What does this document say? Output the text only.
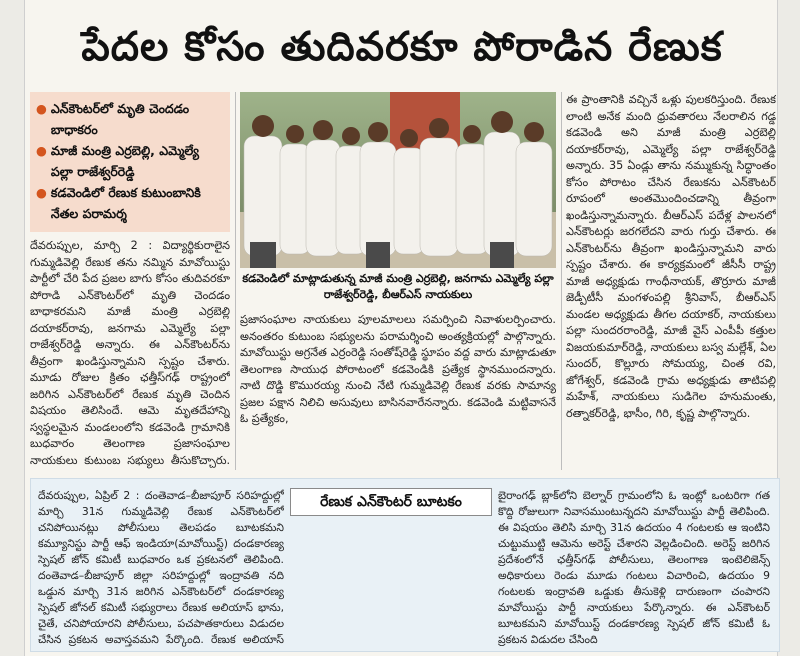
పేదల కోసం తుదివరకూ పోరాడిన రేణుక
● ఎన్‌కౌంటర్‌లో మృతి చెందడం బాధాకరం
● మాజీ మంత్రి ఎర్రబెల్లి, ఎమ్మెల్యే పల్లా రాజేశ్వర్‌రెడ్డి
● కడవెండిలో రేణుక కుటుంబానికి నేతల పరామర్శ
కడవెండిలో మాట్లాడుతున్న మాజీ మంత్రి ఎర్రబెల్లి, జనగామ ఎమ్మెల్యే పల్లా రాజేశ్వర్‌రెడ్డి, బీఆర్‌ఎస్ నాయకులు
దేవరుప్పుల, మార్చి 2 : విద్యార్థికురాలైన గుమ్మడివెల్లి రేణుక తను నమ్మిన మావోయిస్టు పార్టీలో చేరి పేద ప్రజల బాగు కోసం తుదివరకూ పోరాడి ఎన్‌కౌంటర్‌లో మృతి చెందడం బాధాకరమని మాజీ మంత్రి ఎర్రబెల్లి దయాకర్‌రావు, జనగామ ఎమ్మెల్యే పల్లా రాజేశ్వర్‌రెడ్డి అన్నారు. ఈ ఎన్‌కౌంటర్‌ను తీవ్రంగా ఖండిస్తున్నామని స్పష్టం చేశారు. మూడు రోజుల క్రితం ఛత్తీస్‌గఢ్ రాష్ట్రంలో జరిగిన ఎన్‌కౌంటర్‌లో రేణుక మృతి చెందిన విషయం తెలిసిందే. ఆమె మృతదేహాన్ని స్వస్థలమైన మండలంలోని కడవెండి గ్రామానికి బుధవారం తెలంగాణ ప్రజాసంఘాల నాయకులు కుటుంబ సభ్యులు తీసుకొచ్చారు.
ప్రజాసంఘాల నాయకులు పూలమాలలు సమర్పించి నివాళులర్పించారు. అనంతరం కుటుంబ సభ్యులను పరామర్శించి అంత్యక్రియల్లో పాల్గొన్నారు. మావోయిస్టు అగ్రనేత ఎర్రంరెడ్డి సంతోష్‌రెడ్డి స్థూపం వద్ద వారు మాట్లాడుతూ తెలంగాణ సాయుధ పోరాటంలో కడవెండికి ప్రత్యేక స్థానముందన్నారు. నాటి దొడ్డి కొమురయ్య నుంచి నేటి గుమ్మడివెల్లి రేణుక వరకు సామాన్య ప్రజల పక్షాన నిలిచి అసువులు బాసినవారేనన్నారు. కడవెండి మట్టివాసనే ఓ ప్రత్యేకం,
ఈ ప్రాంతానికి వచ్చినే ఒళ్లు పులకరిస్తుంది. రేణుక లాంటి అనేక మంది ధ్రువతారలు నేలరాలిన గడ్డ కడవెండి అని మాజీ మంత్రి ఎర్రబెల్లి దయాకర్‌రావు, ఎమ్మెల్యే పల్లా రాజేశ్వర్‌రెడ్డి అన్నారు. 35 ఏండ్లు తాను నమ్ముకున్న సిద్ధాంతం కోసం పోరాటం చేసిన రేణుకను ఎన్‌కౌంటర్ రూపంలో అంతమొందించడాన్ని తీవ్రంగా ఖండిస్తున్నామన్నారు. బీఆర్‌ఎస్ పదేళ్ల పాలనలో ఎన్‌కౌంటర్లు జరగలేదని వారు గుర్తు చేశారు. ఈ ఎన్‌కౌంటర్‌ను తీవ్రంగా ఖండిస్తున్నామని వారు స్పష్టం చేశారు. ఈ కార్యక్రమంలో జీసీసీ రాష్ట్ర మాజీ అధ్యక్షుడు గాంధీనాయక్, తొర్రూరు మాజీ జెడ్పీటీసీ మంగళంపల్లి శ్రీనివాస్, బీఆర్‌ఎస్ మండల అధ్యక్షుడు తీగల దయాకర్, నాయకులు పల్లా సుందరరాంరెడ్డి, మాజీ వైస్ ఎంపీపీ కత్తుల విజయకుమార్‌రెడ్డి, నాయకులు బస్వ మల్లేశ్, ఏల సుందర్, కొల్లూరు సోమయ్య, చింత రవి, జోగేశ్వర్, కడవెండి గ్రామ అధ్యక్షుడు తాటిపల్లి మహేశ్, నాయకులు సుడిగెల హనుమంతు, రత్నాకర్‌రెడ్డి, భాసీం, గిరి, కృష్ణ పాల్గొన్నారు.
రేణుక ఎన్‌కౌంటర్ బూటకం
దేవరుప్పుల, ఏప్రిల్ 2 : దంతెవాడ–బీజాపూర్ సరిహద్దుల్లో మార్చి 31న గుమ్మడివెల్లి రేణుక ఎన్‌కౌంటర్‌లో చనిపోయినట్లు పోలీసులు తెలపడం బూటకమని కమ్యూనిస్టు పార్టీ ఆఫ్ ఇండియా(మావోయిస్ట్) దండకారణ్య స్పెషల్ జోన్ కమిటీ బుధవారం ఒక ప్రకటనలో తెలిపింది. దంతెవాడ–బీజాపూర్ జిల్లా సరిహద్దుల్లో ఇంద్రావతి నది ఒడ్డున మార్చి 31న జరిగిన ఎన్‌కౌంటర్‌లో దండకారణ్య స్పెషల్ జోనల్ కమిటీ సభ్యురాలు రేణుక అలియాస్ భాను, చైతే, చనిపోయారని పోలీసులు, పచపాతకారులు విడుదల చేసిన ప్రకటన అవాస్తవమని పేర్కొంది. రేణుక అలియాస్
బైరాంగఢ్ బ్లాక్‌లోని బెల్నార్ గ్రామంలోని ఓ ఇంట్లో ఒంటరిగా గత కొద్ది రోజులుగా నివాసముంటున్నదని మావోయిస్టు పార్టీ తెలిపింది. ఈ విషయం తెలిసి మార్చి 31న ఉదయం 4 గంటలకు ఆ ఇంటిని చుట్టుముట్టి ఆమెను అరెస్ట్ చేశారని వెల్లడించింది. అరెస్ట్ జరిగిన ప్రదేశంలోనే ఛత్తీస్‌గఢ్ పోలీసులు, తెలంగాణ ఇంటెలిజెన్స్ అధికారులు రెండు మూడు గంటలు విచారించి, ఉదయం 9 గంటలకు ఇంద్రావతి ఒడ్డుకు తీసుకెళ్లి దారుణంగా చంపారని మావోయిస్టు పార్టీ నాయకులు పేర్కొన్నారు. ఈ ఎన్‌కౌంటర్ బూటకమని మావోయిస్ట్ దండకారణ్య స్పెషల్ జోన్ కమిటీ ఓ ప్రకటన విడుదల చేసింది
